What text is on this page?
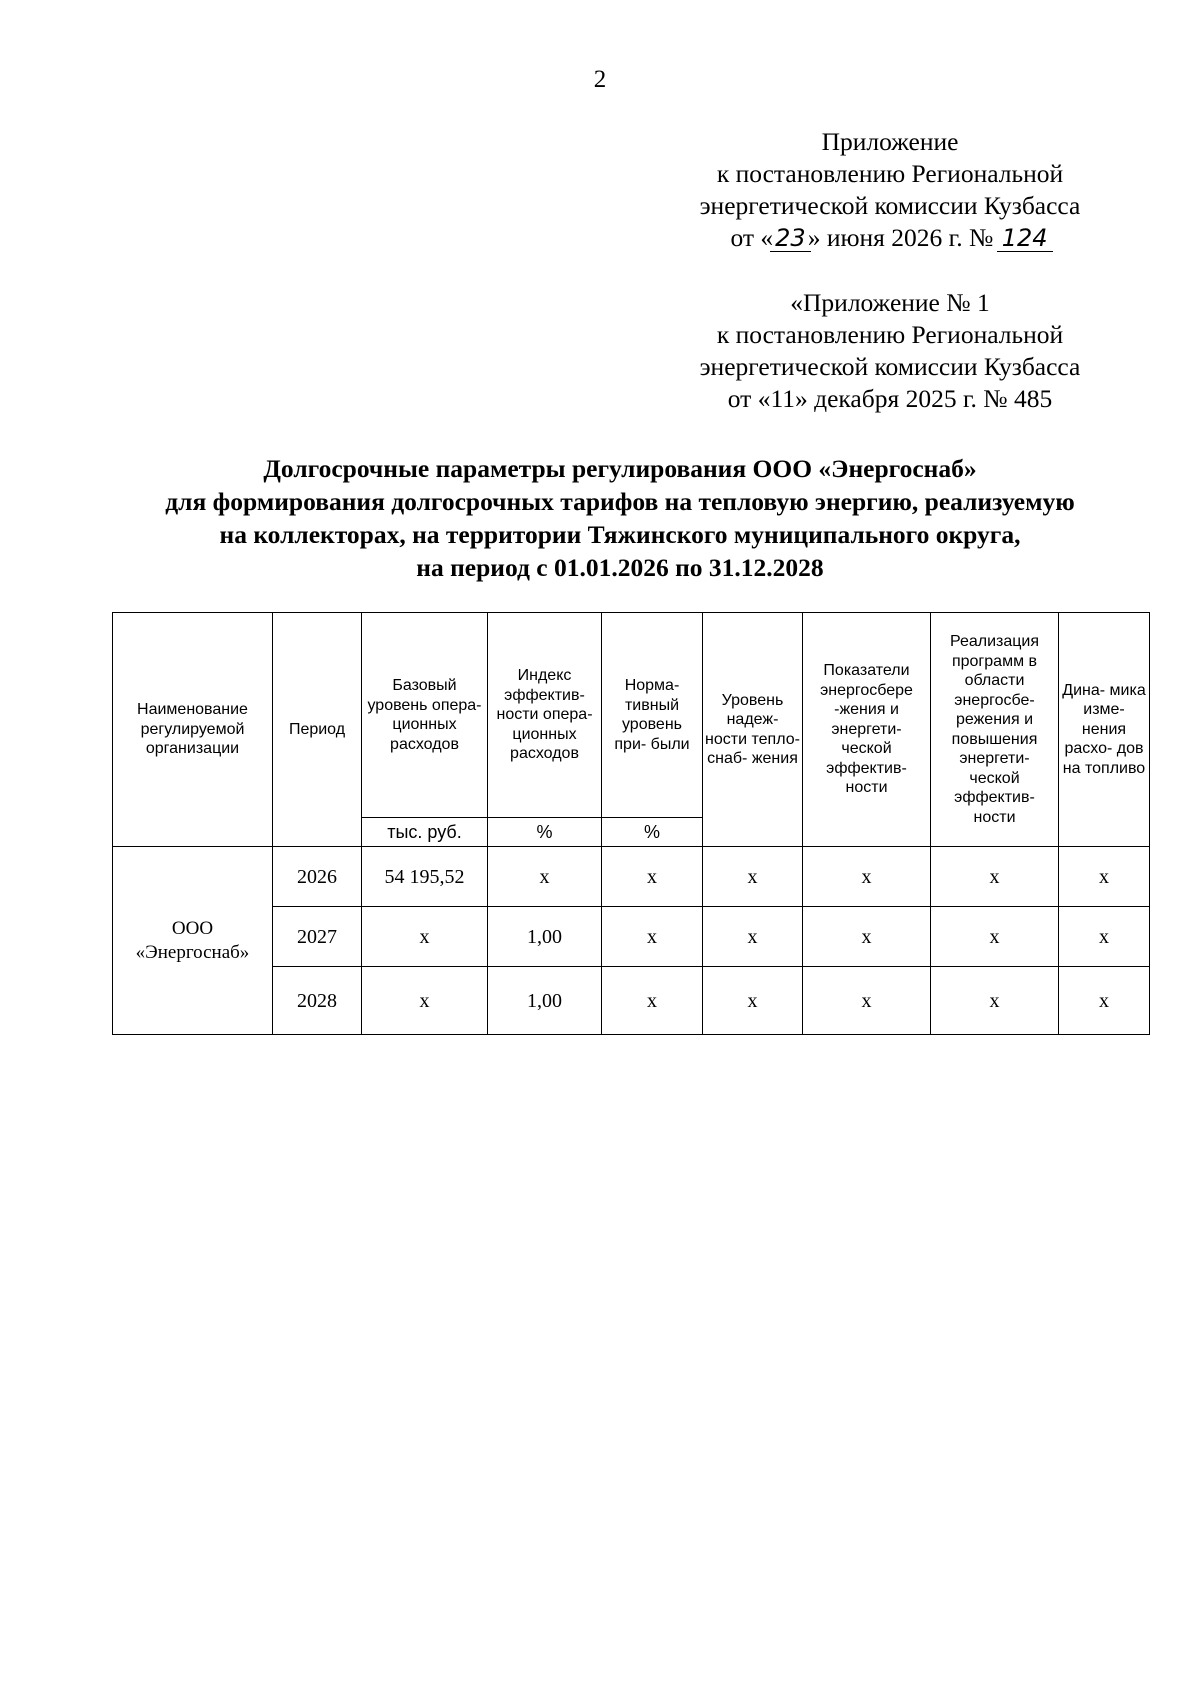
2
Приложение
к постановлению Региональной
энергетической комиссии Кузбасса
от «23» июня 2026 г. № 124
«Приложение № 1
к постановлению Региональной
энергетической комиссии Кузбасса
от «11» декабря 2025 г. № 485
Долгосрочные параметры регулирования ООО «Энергоснаб»
для формирования долгосрочных тарифов на тепловую энергию, реализуемую
на коллекторах, на территории Тяжинского муниципального округа,
на период с 01.01.2026 по 31.12.2028
Наименование регулируемой организации	Период	Базовый уровень опера- ционных расходов	Индекс эффектив- ности опера- ционных расходов	Норма- тивный уровень при- были	Уровень надеж- ности тепло- снаб- жения	Показатели энергосбере -жения и энергети- ческой эффектив- ности	Реализация программ в области энергосбе- режения и повышения энергети- ческой эффектив- ности	Дина- мика изме- нения расхо- дов на топливо
		тыс. руб.	%	%				
ООО «Энергоснаб»	2026	54 195,52	x	x	x	x	x	x
	2027	x	1,00	x	x	x	x	x
	2028	x	1,00	x	x	x	x	x
